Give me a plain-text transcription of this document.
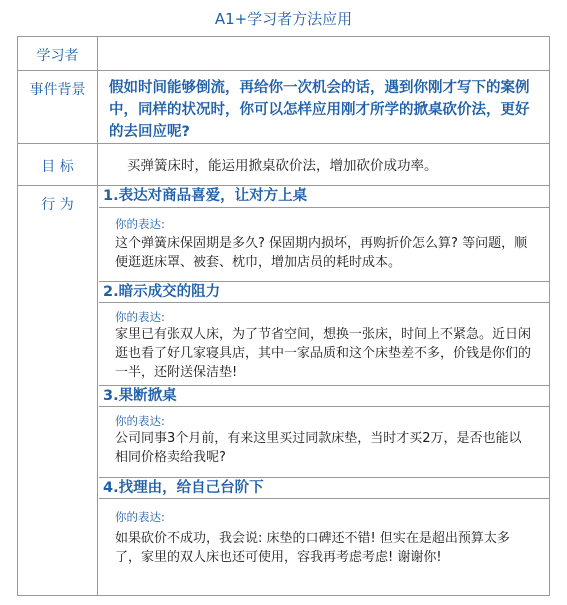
A1+学习者方法应用
学习者
事件背景	假如时间能够倒流，再给你一次机会的话，遇到你刚才写下的案例中，同样的状况时，你可以怎样应用刚才所学的掀桌砍价法，更好的去回应呢?
目 标	买弹簧床时，能运用掀桌砍价法，增加砍价成功率。
行 为
1.表达对商品喜爱，让对方上桌
你的表达:
这个弹簧床保固期是多久? 保固期内损坏，再购折价怎么算? 等问题，顺便逛逛床罩、被套、枕巾，增加店员的耗时成本。
2.暗示成交的阻力
你的表达:
家里已有张双人床，为了节省空间，想换一张床，时间上不紧急。近日闲逛也看了好几家寝具店，其中一家品质和这个床垫差不多，价钱是你们的一半，还附送保洁垫!
3.果断掀桌
你的表达:
公司同事3个月前，有来这里买过同款床垫，当时才买2万，是否也能以相同价格卖给我呢?
4.找理由，给自己台阶下
你的表达:
如果砍价不成功，我会说: 床垫的口碑还不错! 但实在是超出预算太多了，家里的双人床也还可使用，容我再考虑考虑! 谢谢你!
